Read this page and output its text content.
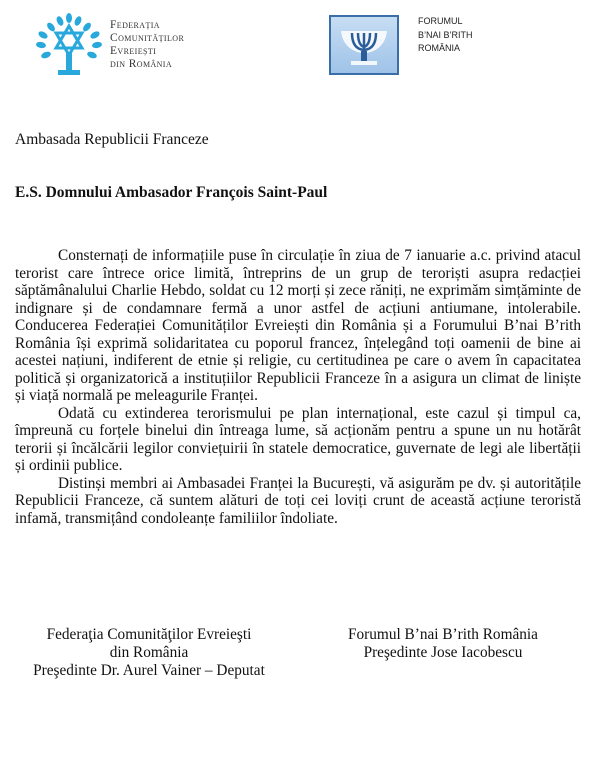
Federația
Comunităților
Evreiești
din România
FORUMUL
B’NAI B’RITH
ROMÂNIA
Ambasada Republicii Franceze
E.S. Domnului Ambasador François Saint-Paul

Consternați de informațiile puse în circulație în ziua de 7 ianuarie a.c. privind atacul terorist care întrece orice limită, întreprins de un grup de teroriști asupra redacției săptămânalului Charlie Hebdo, soldat cu 12 morți și zece răniți, ne exprimăm simțăminte de indignare și de condamnare fermă a unor astfel de acțiuni antiumane, intolerabile. Conducerea Federației Comunităților Evreiești din România și a Forumului B’nai B’rith România își exprimă solidaritatea cu poporul francez, înțelegând toți oamenii de bine ai acestei națiuni, indiferent de etnie și religie, cu certitudinea pe care o avem în capacitatea politică și organizatorică a instituțiilor Republicii Franceze în a asigura un climat de liniște și viață normală pe meleagurile Franței.

Odată cu extinderea terorismului pe plan internațional, este cazul și timpul ca, împreună cu forțele binelui din întreaga lume, să acționăm pentru a spune un nu hotărât terorii și încălcării legilor conviețuirii în statele democratice, guvernate de legi ale libertății și ordinii publice.

Distinși membri ai Ambasadei Franței la București, vă asigurăm pe dv. și autoritățile Republicii Franceze, că suntem alături de toți cei loviți crunt de această acțiune teroristă infamă, transmițând condoleanțe familiilor îndoliate.

Federaţia Comunităţilor Evreieşti
din România
Preşedinte Dr. Aurel Vainer – Deputat
Forumul B’nai B’rith România
Preşedinte Jose Iacobescu
